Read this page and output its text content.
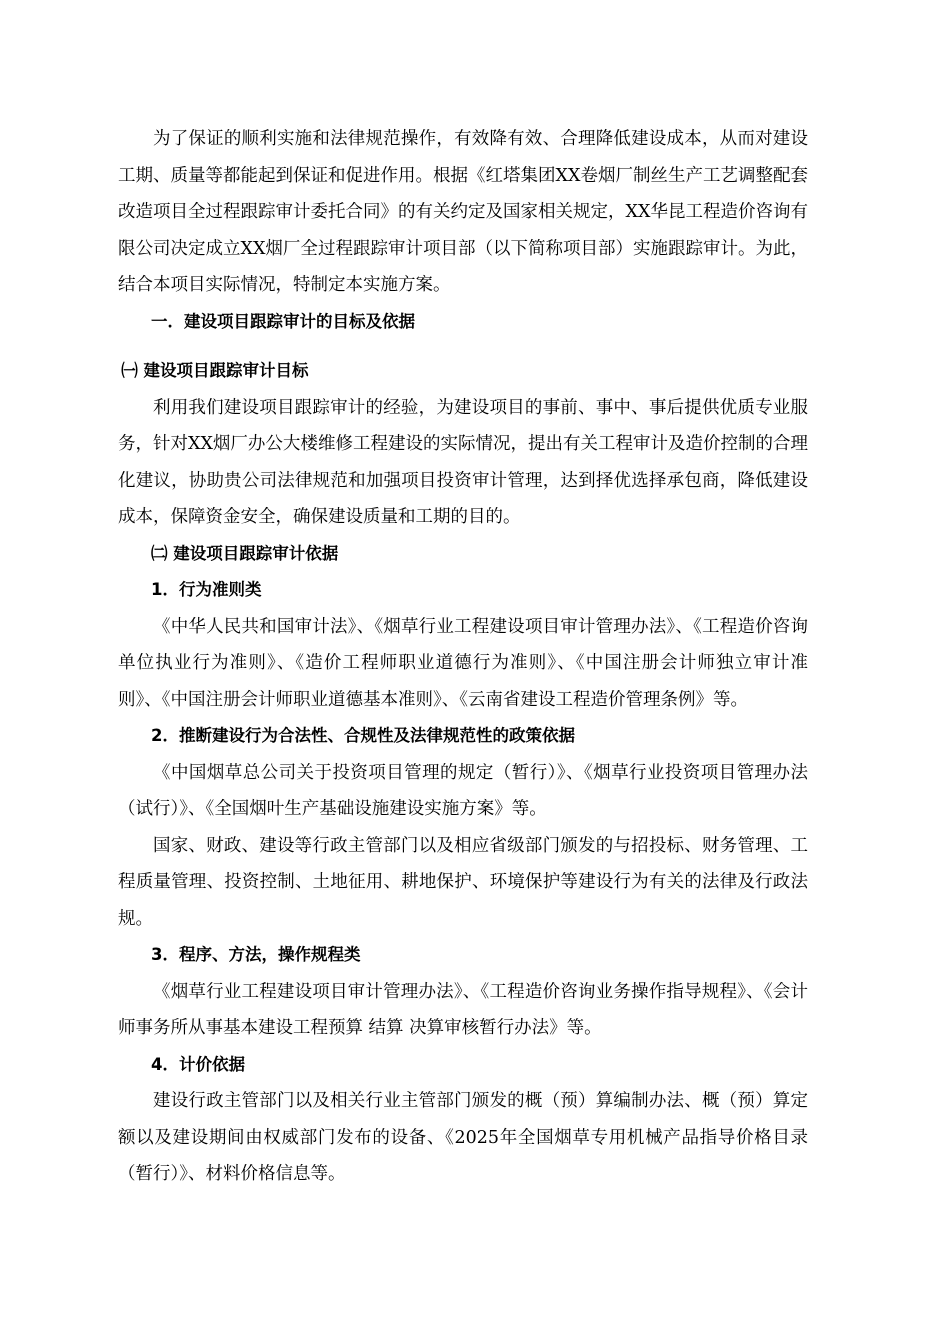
为了保证的顺利实施和法律规范操作，有效降有效、合理降低建设成本，从而对建设工期、质量等都能起到保证和促进作用。根据《红塔集团XX卷烟厂制丝生产工艺调整配套改造项目全过程跟踪审计委托合同》的有关约定及国家相关规定，XX华昆工程造价咨询有限公司决定成立XX烟厂全过程跟踪审计项目部（以下简称项目部）实施跟踪审计。为此，结合本项目实际情况，特制定本实施方案。

一．建设项目跟踪审计的目标及依据

㈠ 建设项目跟踪审计目标

利用我们建设项目跟踪审计的经验，为建设项目的事前、事中、事后提供优质专业服务，针对XX烟厂办公大楼维修工程建设的实际情况，提出有关工程审计及造价控制的合理化建议，协助贵公司法律规范和加强项目投资审计管理，达到择优选择承包商，降低建设成本，保障资金安全，确保建设质量和工期的目的。

㈡ 建设项目跟踪审计依据

1．行为准则类

《中华人民共和国审计法》、《烟草行业工程建设项目审计管理办法》、《工程造价咨询单位执业行为准则》、《造价工程师职业道德行为准则》、《中国注册会计师独立审计准则》、《中国注册会计师职业道德基本准则》、《云南省建设工程造价管理条例》等。

2．推断建设行为合法性、合规性及法律规范性的政策依据

《中国烟草总公司关于投资项目管理的规定（暂行）》、《烟草行业投资项目管理办法（试行）》、《全国烟叶生产基础设施建设实施方案》等。

国家、财政、建设等行政主管部门以及相应省级部门颁发的与招投标、财务管理、工程质量管理、投资控制、土地征用、耕地保护、环境保护等建设行为有关的法律及行政法规。

3．程序、方法，操作规程类

《烟草行业工程建设项目审计管理办法》、《工程造价咨询业务操作指导规程》、《会计师事务所从事基本建设工程预算 结算 决算审核暂行办法》等。

4．计价依据

建设行政主管部门以及相关行业主管部门颁发的概（预）算编制办法、概（预）算定额以及建设期间由权威部门发布的设备、《2025年全国烟草专用机械产品指导价格目录（暂行）》、材料价格信息等。
